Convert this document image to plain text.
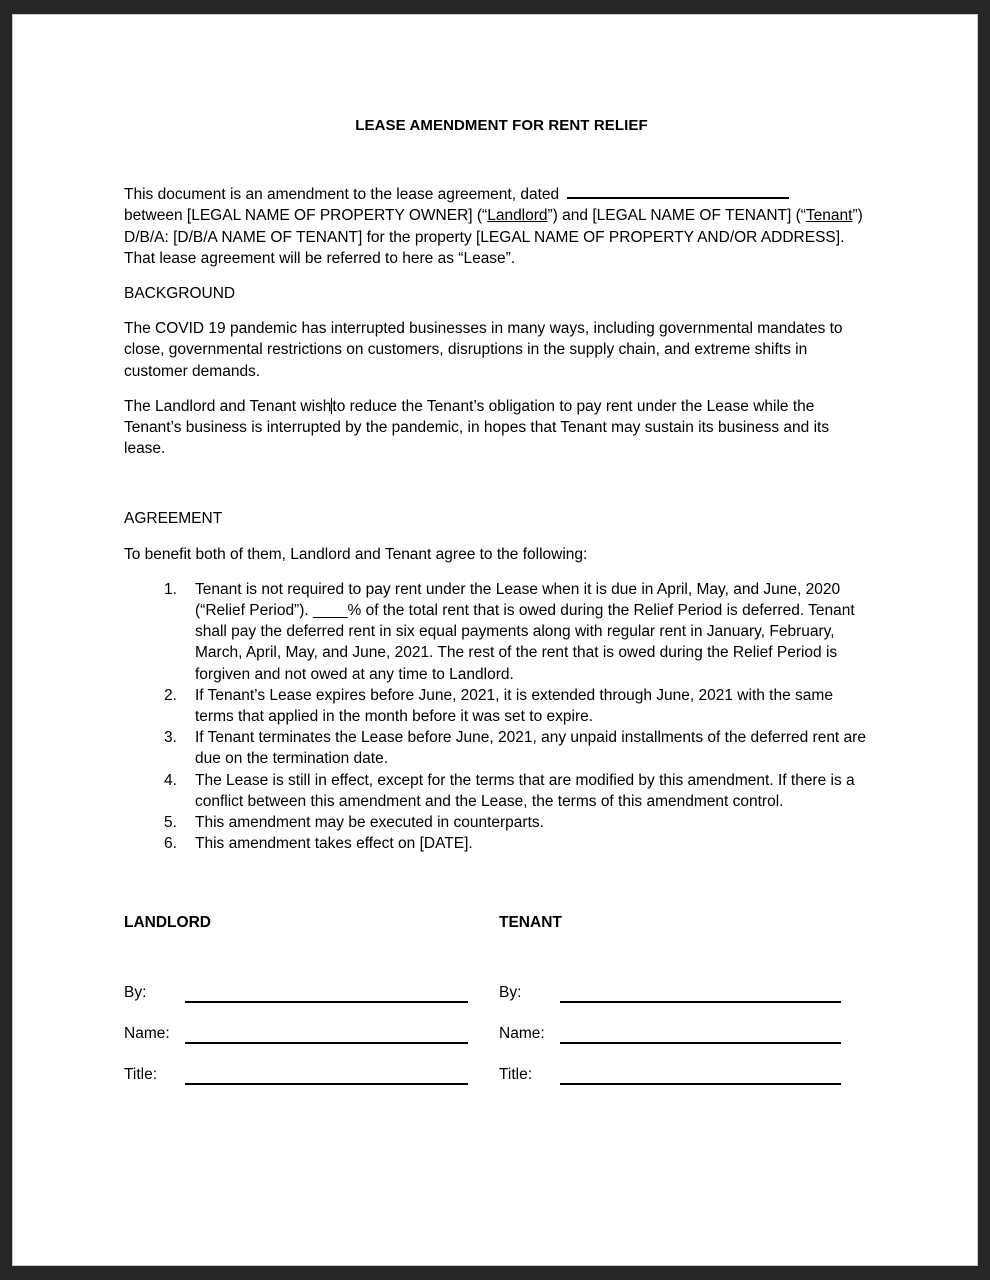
LEASE AMENDMENT FOR RENT RELIEF

This document is an amendment to the lease agreement, dated
between [LEGAL NAME OF PROPERTY OWNER] (“Landlord”) and [LEGAL NAME OF TENANT] (“Tenant”) D/B/A: [D/B/A NAME OF TENANT] for the property [LEGAL NAME OF PROPERTY AND/OR ADDRESS]. That lease agreement will be referred to here as “Lease”.

BACKGROUND

The COVID 19 pandemic has interrupted businesses in many ways, including governmental mandates to close, governmental restrictions on customers, disruptions in the supply chain, and extreme shifts in customer demands.

The Landlord and Tenant wishto reduce the Tenant’s obligation to pay rent under the Lease while the Tenant’s business is interrupted by the pandemic, in hopes that Tenant may sustain its business and its lease.

AGREEMENT

To benefit both of them, Landlord and Tenant agree to the following:

Tenant is not required to pay rent under the Lease when it is due in April, May, and June, 2020 (“Relief Period”). ____% of the total rent that is owed during the Relief Period is deferred. Tenant shall pay the deferred rent in six equal payments along with regular rent in January, February, March, April, May, and June, 2021. The rest of the rent that is owed during the Relief Period is forgiven and not owed at any time to Landlord.
If Tenant’s Lease expires before June, 2021, it is extended through June, 2021 with the same terms that applied in the month before it was set to expire.
If Tenant terminates the Lease before June, 2021, any unpaid installments of the deferred rent are due on the termination date.
The Lease is still in effect, except for the terms that are modified by this amendment. If there is a conflict between this amendment and the Lease, the terms of this amendment control.
This amendment may be executed in counterparts.
This amendment takes effect on [DATE].
LANDLORD	TENANT
By:	By:
Name:	Name:
Title:	Title:
